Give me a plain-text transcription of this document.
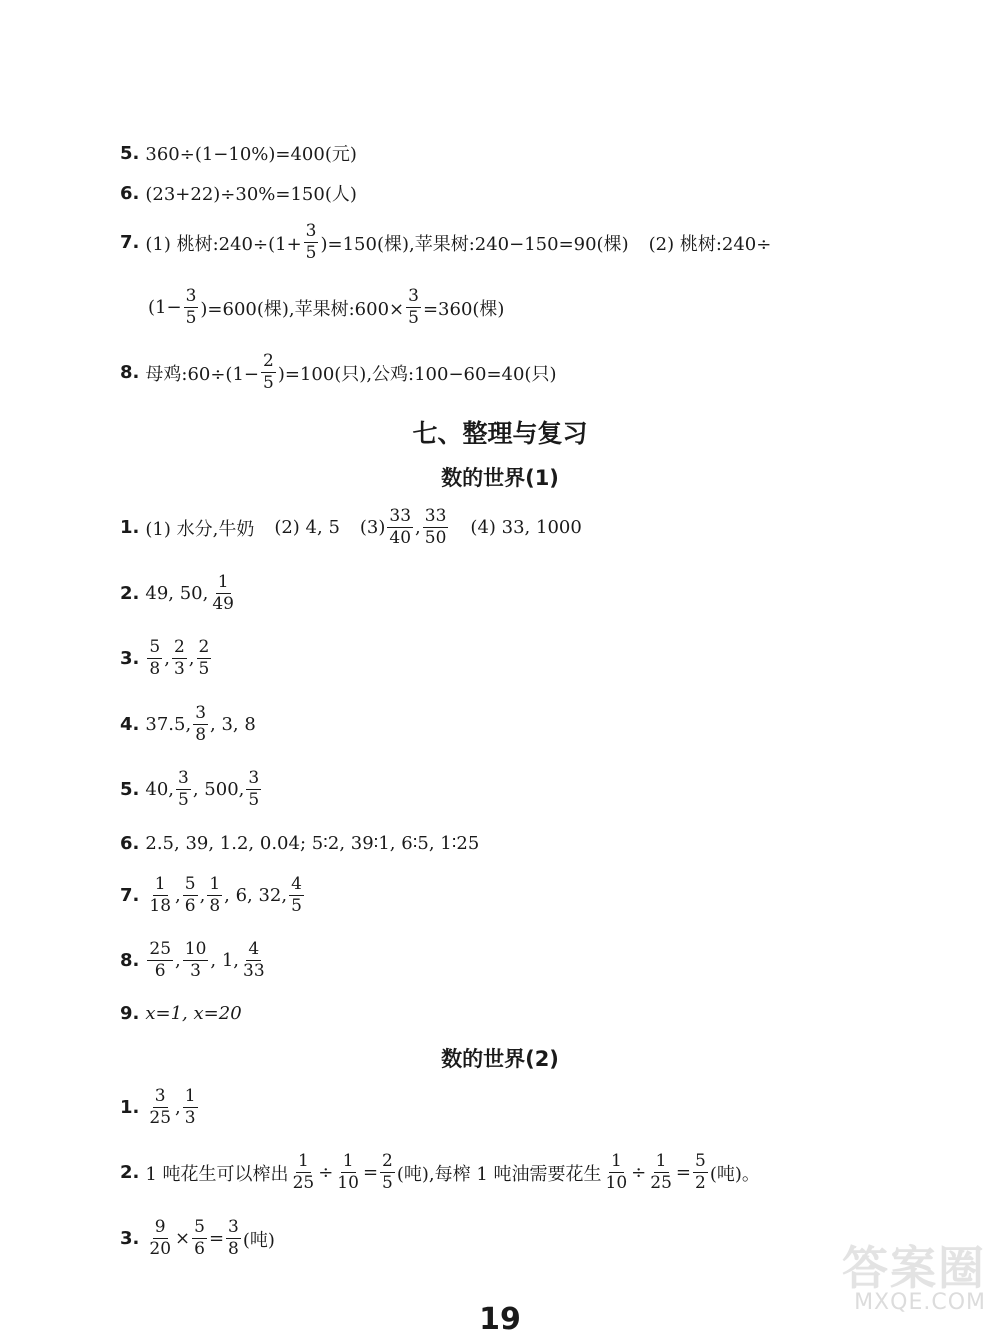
5. 360÷(1−10%)=400(元)
6. (23+22)÷30%=150(人)
7. (1) 桃树:240÷(1+ $\frac{3}{5} )=150$(棵),苹果树:240−150=90(棵) (2) 桃树:240÷
$(1- \frac{3}{5} )=600$(棵),苹果树:600× $\frac{3}{5} =360$(棵)
8. 母鸡:60÷(1− $\frac{2}{5} )=100$(只),公鸡:100−60=40(只)
七、整理与复习
数的世界(1)
1. (1) 水分,牛奶 (2) 4, 5 $(3) \frac{33}{40}$ , $\frac{33}{50} (4)$ 33, 1000
2. 49, 50, $\frac{1}{49}$
3. $\frac{5}{8}$ , $\frac{2}{3}$ , $\frac{2}{5}$
4. 37.5, $\frac{3}{8}$ , 3, 8
5. 40, $\frac{3}{5}$ , 500, $\frac{3}{5}$
6. 2.5, 39, 1.2, 0.04; 5∶2, 39∶1, 6∶5, 1∶25
7. $\frac{1}{18}$ , $\frac{5}{6}$ , $\frac{1}{8}$ , 6, 32, $\frac{4}{5}$
8. $\frac{25}{6}$ , $\frac{10}{3}$ , 1, $\frac{4}{33}$
9. x=1, x=20
数的世界(2)
1. $\frac{3}{25}$ , $\frac{1}{3}$
2. 1 吨花生可以榨出 $\frac{1}{25} \div \frac{1}{10} = \frac{2}{5}$ (吨),每榨 1 吨油需要花生 $\frac{1}{10} \div \frac{1}{25} = \frac{5}{2}$ (吨)。
3. $\frac{9}{20} \times \frac{5}{6} = \frac{3}{8}$ (吨)
19
答案圈
MXQE.COM
